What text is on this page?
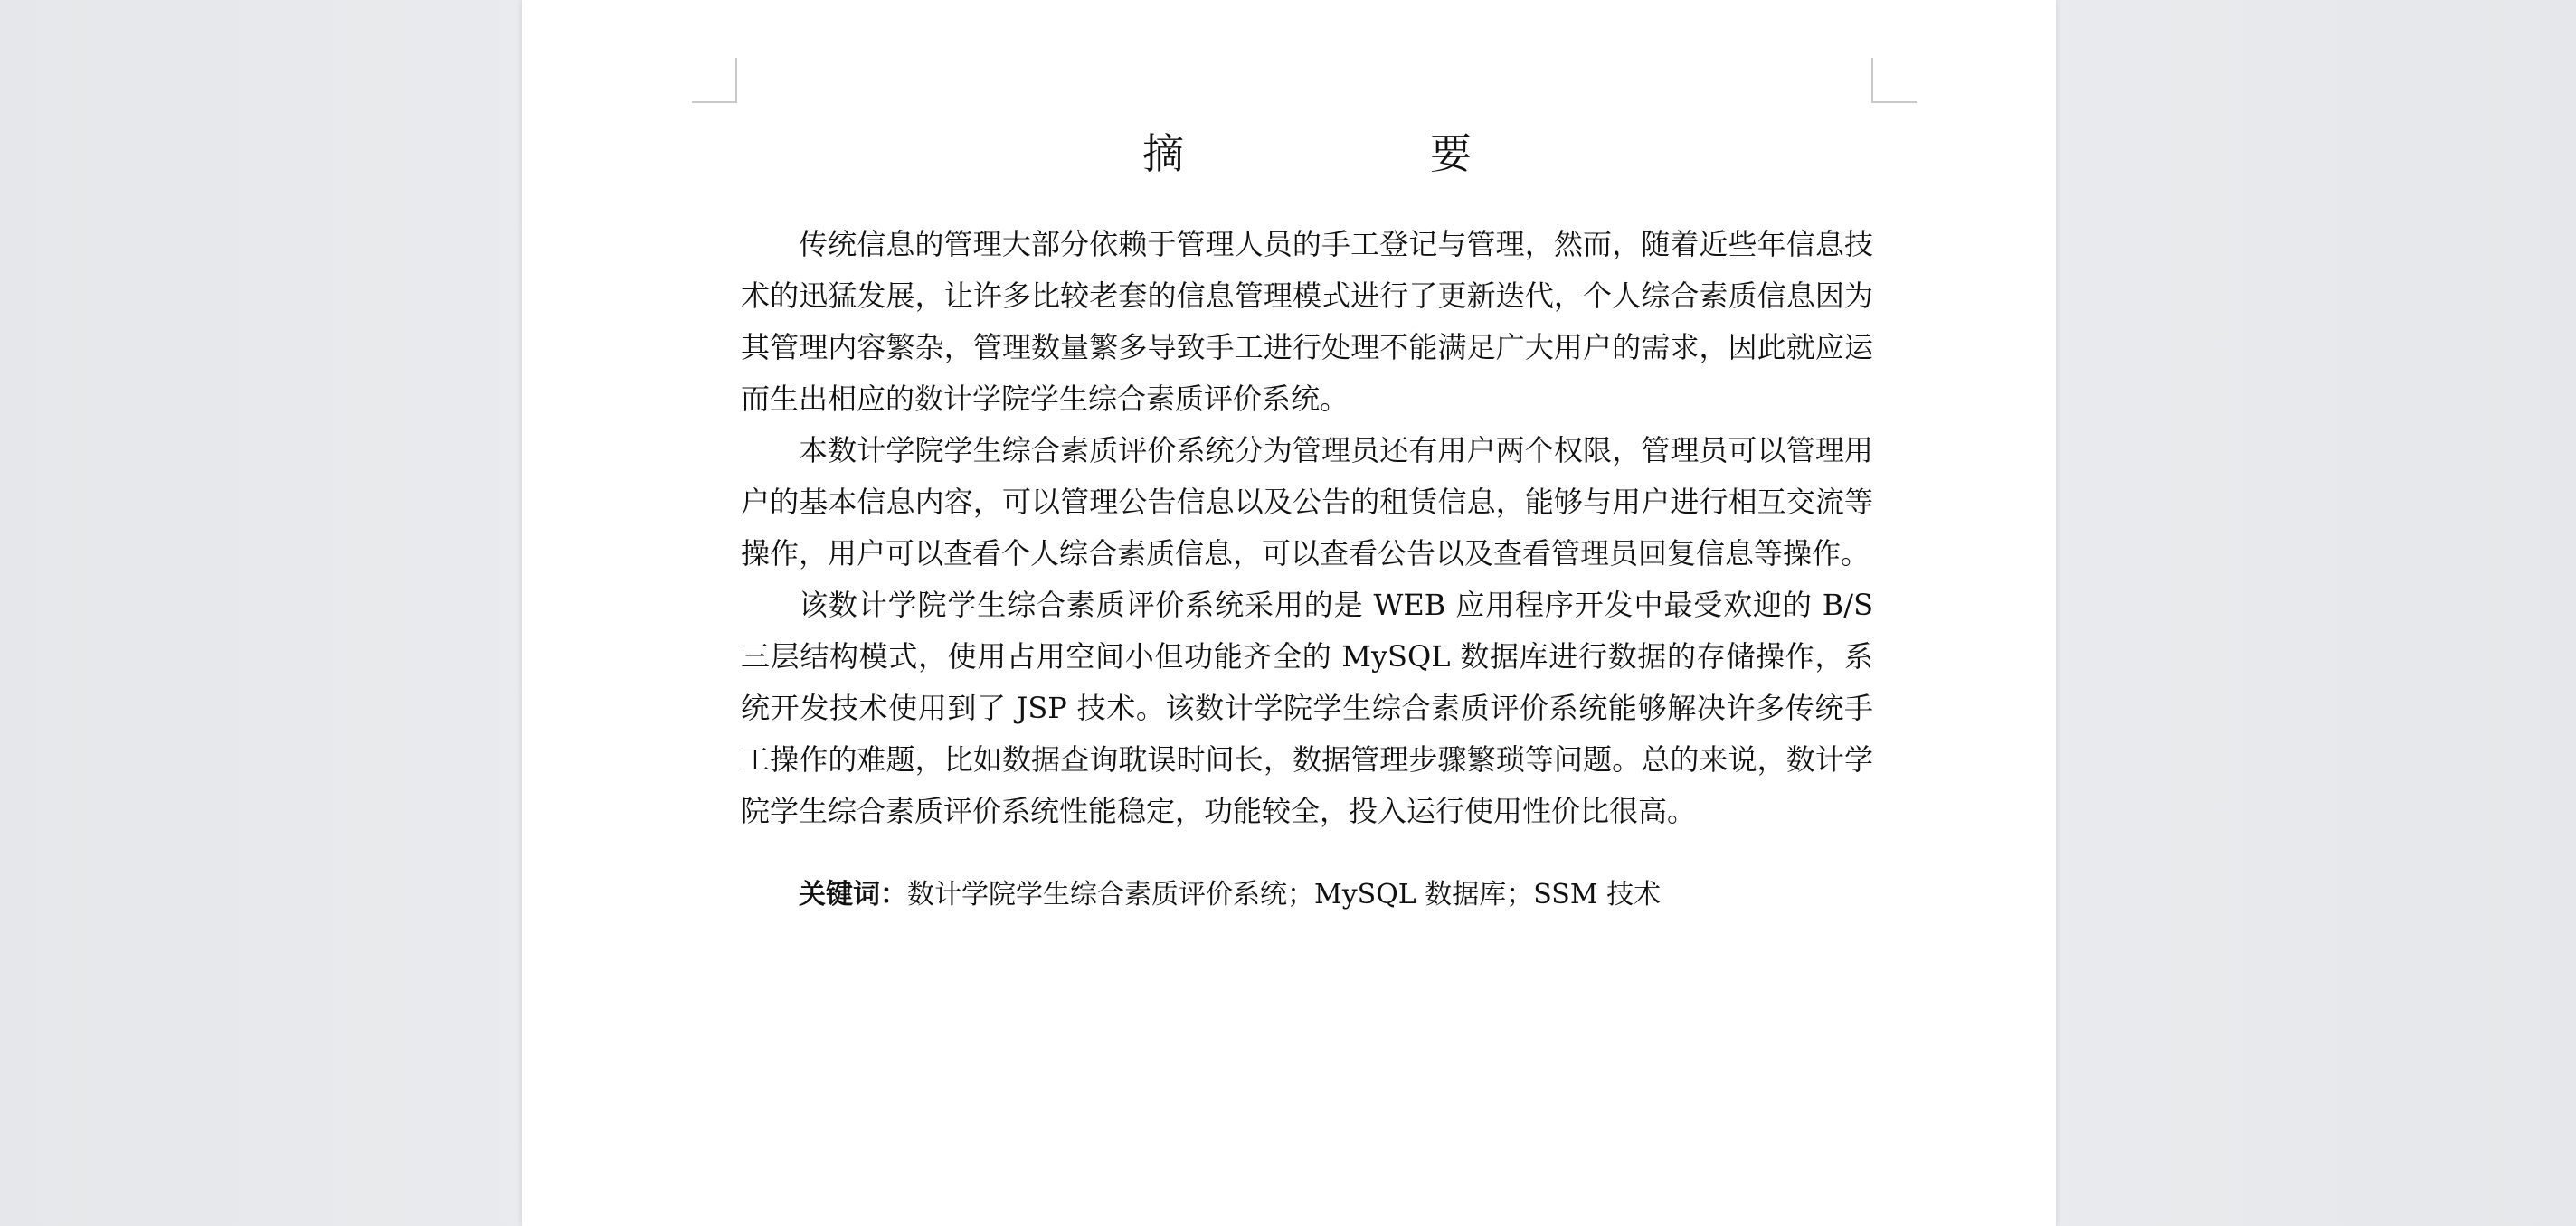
摘　　要

传统信息的管理大部分依赖于管理人员的手工登记与管理，然而，随着近些年信息技术的迅猛发展，让许多比较老套的信息管理模式进行了更新迭代，个人综合素质信息因为其管理内容繁杂，管理数量繁多导致手工进行处理不能满足广大用户的需求，因此就应运而生出相应的数计学院学生综合素质评价系统。

本数计学院学生综合素质评价系统分为管理员还有用户两个权限，管理员可以管理用户的基本信息内容，可以管理公告信息以及公告的租赁信息，能够与用户进行相互交流等操作，用户可以查看个人综合素质信息，可以查看公告以及查看管理员回复信息等操作。

该数计学院学生综合素质评价系统采用的是 WEB 应用程序开发中最受欢迎的 B/S 三层结构模式，使用占用空间小但功能齐全的 MySQL 数据库进行数据的存储操作，系统开发技术使用到了 JSP 技术。该数计学院学生综合素质评价系统能够解决许多传统手工操作的难题，比如数据查询耽误时间长，数据管理步骤繁琐等问题。总的来说，数计学院学生综合素质评价系统性能稳定，功能较全，投入运行使用性价比很高。

关键词：数计学院学生综合素质评价系统；MySQL 数据库；SSM 技术
